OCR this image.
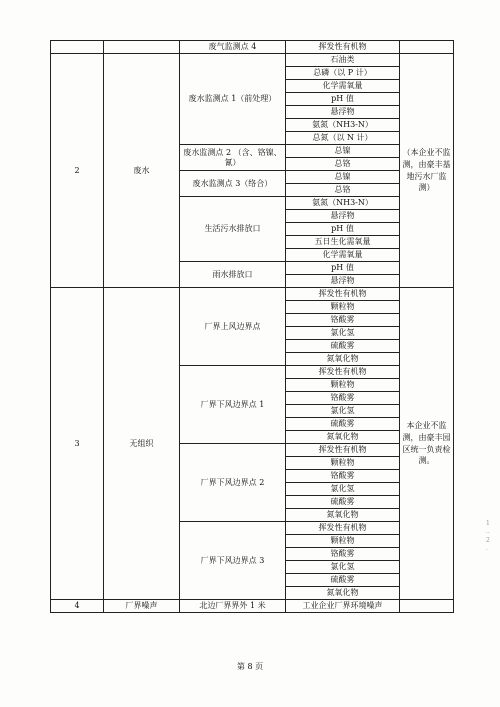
		废气监测点 4	挥发性有机物	
2	废水	废水监测点 1（前处理）	石油类	（本企业不监测，由豪丰基地污水厂监测）
			总磷（以 P 计）	
			化学需氧量	
			pH 值	
			悬浮物	
			氨氮（NH3-N）	
			总氮（以 N 计）	
		废水监测点 2 （含、铬镍、氰）	总镍	
			总铬	
		废水监测点 3（络合）	总镍	
			总铬	
		生活污水排放口	氨氮（NH3-N）	
			悬浮物	
			pH 值	
			五日生化需氧量	
			化学需氧量	
		雨水排放口	pH 值	
			悬浮物	
3	无组织	厂界上风边界点	挥发性有机物	本企业不监测，由豪丰园区统一负责检测。
			颗粒物	
			铬酸雾	
			氯化氢	
			硫酸雾	
			氮氧化物	
		厂界下风边界点 1	挥发性有机物	
			颗粒物	
			铬酸雾	
			氯化氢	
			硫酸雾	
			氮氧化物	
		厂界下风边界点 2	挥发性有机物	
			颗粒物	
			铬酸雾	
			氯化氢	
			硫酸雾	
			氮氧化物	
		厂界下风边界点 3	挥发性有机物	
			颗粒物	
			铬酸雾	
			氯化氢	
			硫酸雾	
			氮氧化物	
4	厂界噪声	北边厂界界外 1 米	工业企业厂界环境噪声	
第 8 页
1 .. 2 .
